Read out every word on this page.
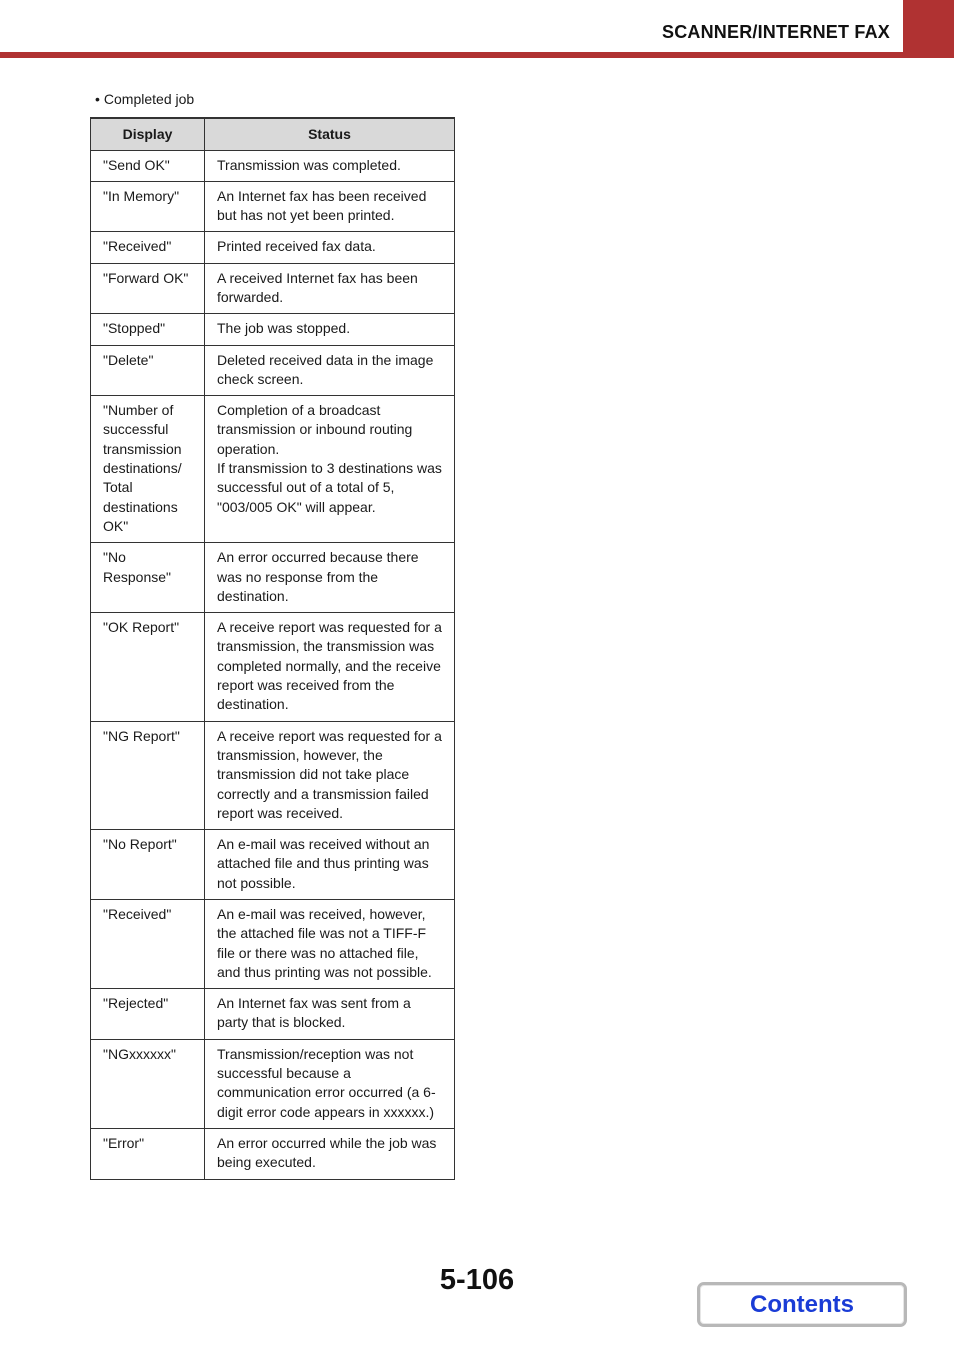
SCANNER/INTERNET FAX
• Completed job
Display	Status
"Send OK"	Transmission was completed.
"In Memory"	An Internet fax has been received but has not yet been printed.
"Received"	Printed received fax data.
"Forward OK"	A received Internet fax has been forwarded.
"Stopped"	The job was stopped.
"Delete"	Deleted received data in the image check screen.
"Number of successful transmission destinations/ Total destinations OK"	Completion of a broadcast transmission or inbound routing operation.
If transmission to 3 destinations was successful out of a total of 5, "003/005 OK" will appear.
"No Response"	An error occurred because there was no response from the destination.
"OK Report"	A receive report was requested for a transmission, the transmission was completed normally, and the receive report was received from the destination.
"NG Report"	A receive report was requested for a transmission, however, the transmission did not take place correctly and a transmission failed report was received.
"No Report"	An e-mail was received without an attached file and thus printing was not possible.
"Received"	An e-mail was received, however, the attached file was not a TIFF-F file or there was no attached file, and thus printing was not possible.
"Rejected"	An Internet fax was sent from a party that is blocked.
"NGxxxxxx"	Transmission/reception was not successful because a communication error occurred (a 6-digit error code appears in xxxxxx.)
"Error"	An error occurred while the job was being executed.
5-106
Contents
